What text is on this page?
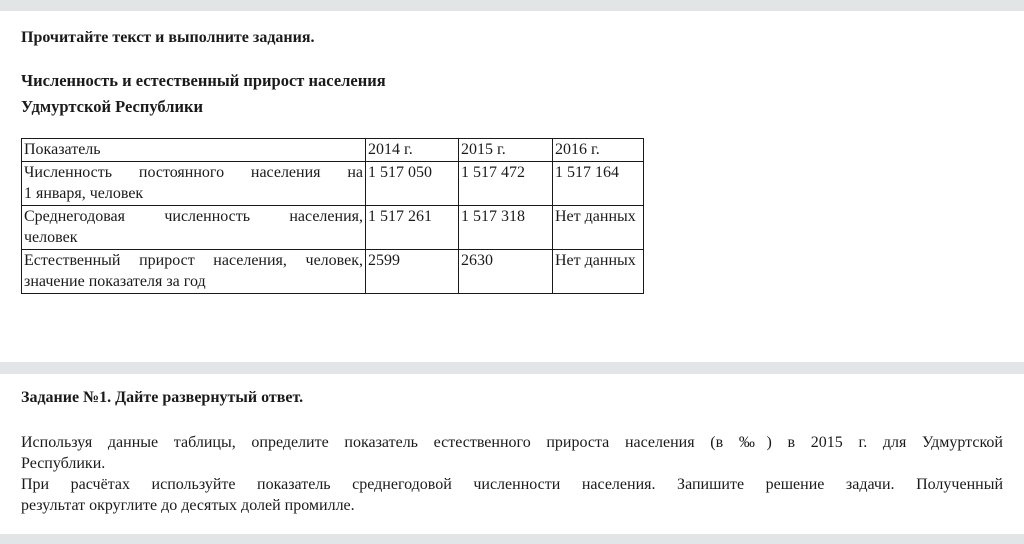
Прочитайте текст и выполните задания.
Численность и естественный прирост населения
Удмуртской Республики
Показатель	2014 г.	2015 г.	2016 г.

Численность постоянного населения на
1 января, человек	1 517 050	1 517 472	1 517 164

Среднегодовая численность населения,
человек	1 517 261	1 517 318	Нет данных

Естественный прирост населения, человек,
значение показателя за год	2599	2630	Нет данных
Задание №1. Дайте развернутый ответ.
Используя данные таблицы, определите показатель естественного прироста населения (в ‰) в 2015 г. для Удмуртской
Республики.
При расчётах используйте показатель среднегодовой численности населения. Запишите решение задачи. Полученный
результат округлите до десятых долей промилле.
